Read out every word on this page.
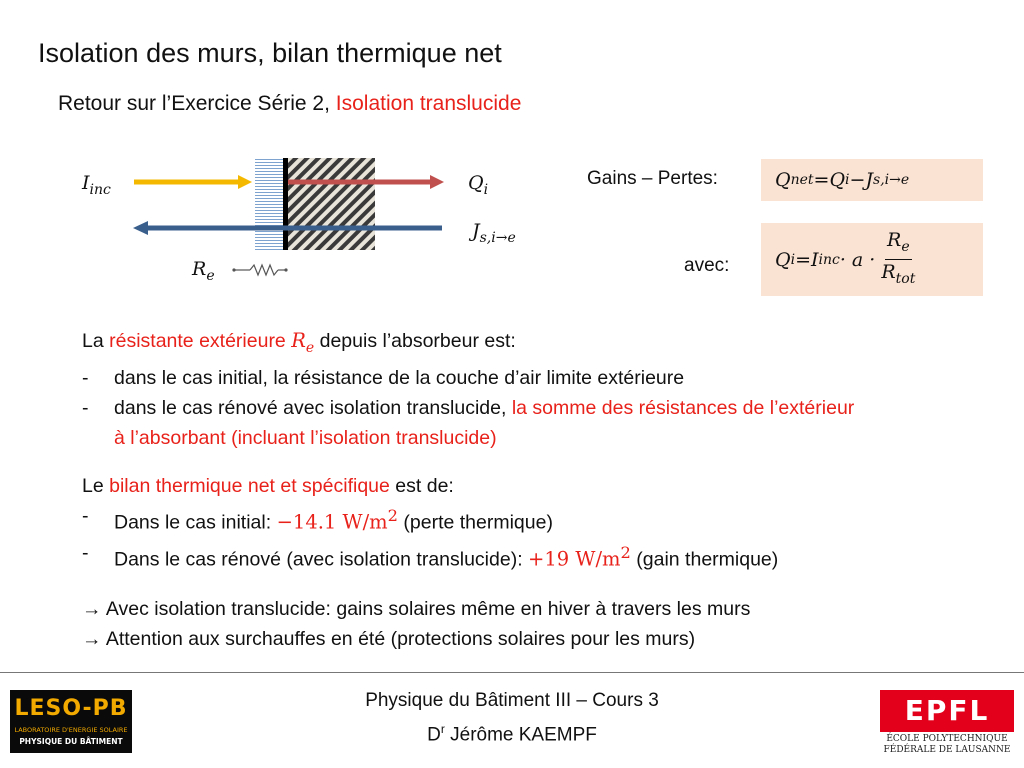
Isolation des murs, bilan thermique net
Retour sur l’Exercice Série 2, Isolation translucide
$I_{inc}$	$Q_i$
$J_{s,i\to e}$
$R_e$
Gains – Pertes:	Q net = Q i − J s,i→e
avec: Q i = I inc · $a \cdot \frac{R_e}{R_{tot}}$
La résistante extérieure $R_e$ depuis l’absorbeur est:
-	dans le cas initial, la résistance de la couche d’air limite extérieure
-	dans le cas rénové avec isolation translucide, la somme des résistances de l’extérieur
à l’absorbant (incluant l’isolation translucide)
Le bilan thermique net et spécifique est de:
-	Dans le cas initial: −14.1 $W/m^2$ (perte thermique)
-	Dans le cas rénové (avec isolation translucide): +19 $W/m^2$ (gain thermique)
→ Avec isolation translucide: gains solaires même en hiver à travers les murs
→ Attention aux surchauffes en été (protections solaires pour les murs)
Physique du Bâtiment III – Cours 3
$D^r$ Jérôme KAEMPF
LESO-PB
LABORATOIRE D'ENERGIE SOLAIRE
PHYSIQUE DU BÂTIMENT
EPFL
ÉCOLE POLYTECHNIQUE
FÉDÉRALE DE LAUSANNE
